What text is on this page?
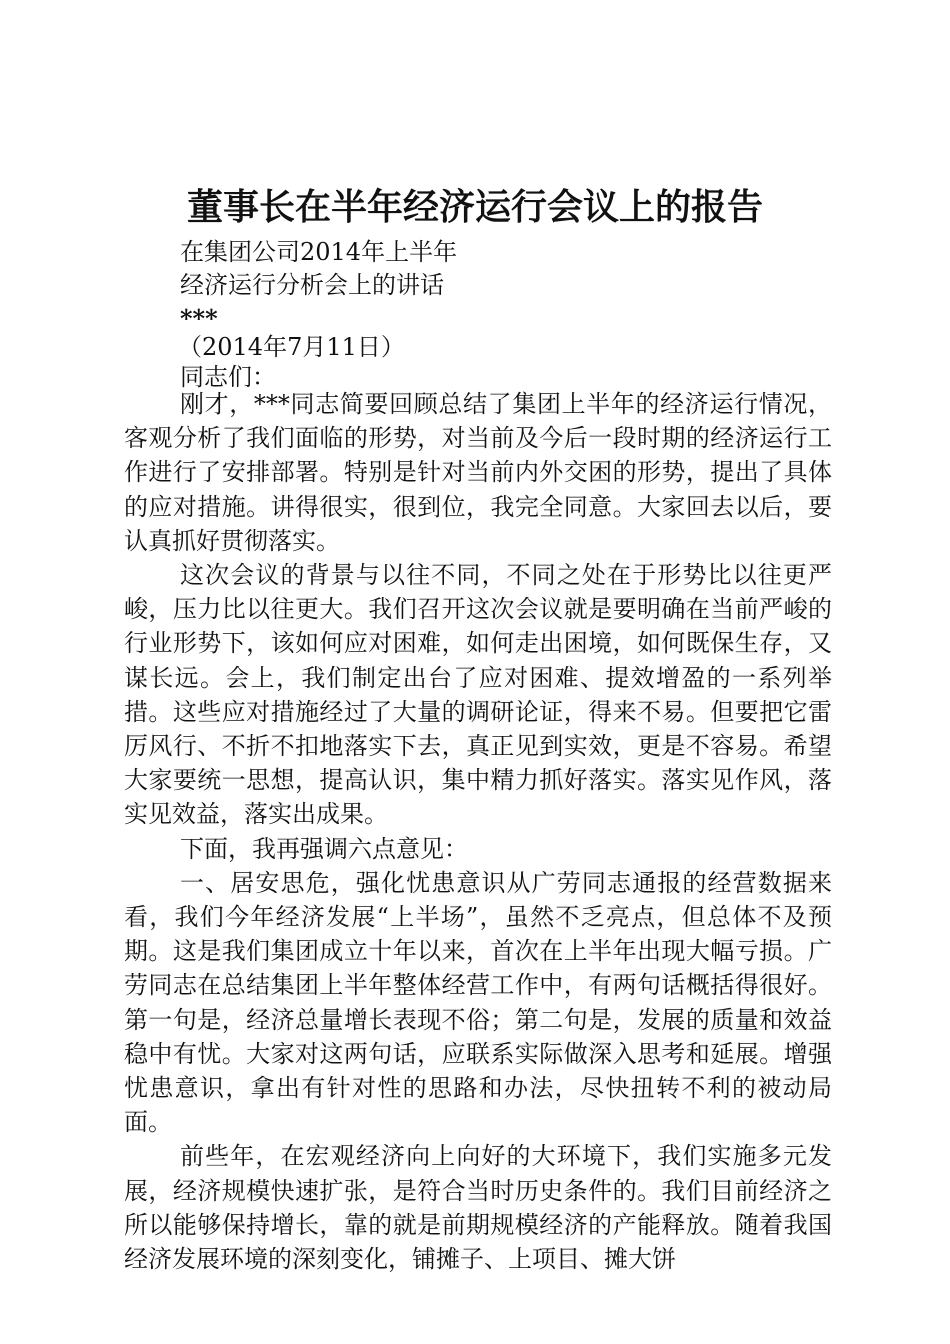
董事长在半年经济运行会议上的报告
在集团公司2014年上半年
经济运行分析会上的讲话
***
（2014年7月11日）
同志们：

刚才，***同志简要回顾总结了集团上半年的经济运行情况，客观分析了我们面临的形势，对当前及今后一段时期的经济运行工作进行了安排部署。特别是针对当前内外交困的形势，提出了具体的应对措施。讲得很实，很到位，我完全同意。大家回去以后，要认真抓好贯彻落实。

这次会议的背景与以往不同，不同之处在于形势比以往更严峻，压力比以往更大。我们召开这次会议就是要明确在当前严峻的行业形势下，该如何应对困难，如何走出困境，如何既保生存，又谋长远。会上，我们制定出台了应对困难、提效增盈的一系列举措。这些应对措施经过了大量的调研论证，得来不易。但要把它雷厉风行、不折不扣地落实下去，真正见到实效，更是不容易。希望大家要统一思想，提高认识，集中精力抓好落实。落实见作风，落实见效益，落实出成果。

下面，我再强调六点意见：

一、居安思危，强化忧患意识从广劳同志通报的经营数据来看，我们今年经济发展“上半场”，虽然不乏亮点，但总体不及预期。这是我们集团成立十年以来，首次在上半年出现大幅亏损。广劳同志在总结集团上半年整体经营工作中，有两句话概括得很好。第一句是，经济总量增长表现不俗；第二句是，发展的质量和效益稳中有忧。大家对这两句话，应联系实际做深入思考和延展。增强忧患意识，拿出有针对性的思路和办法，尽快扭转不利的被动局面。

前些年，在宏观经济向上向好的大环境下，我们实施多元发展，经济规模快速扩张，是符合当时历史条件的。我们目前经济之所以能够保持增长，靠的就是前期规模经济的产能释放。随着我国经济发展环境的深刻变化，铺摊子、上项目、摊大饼
